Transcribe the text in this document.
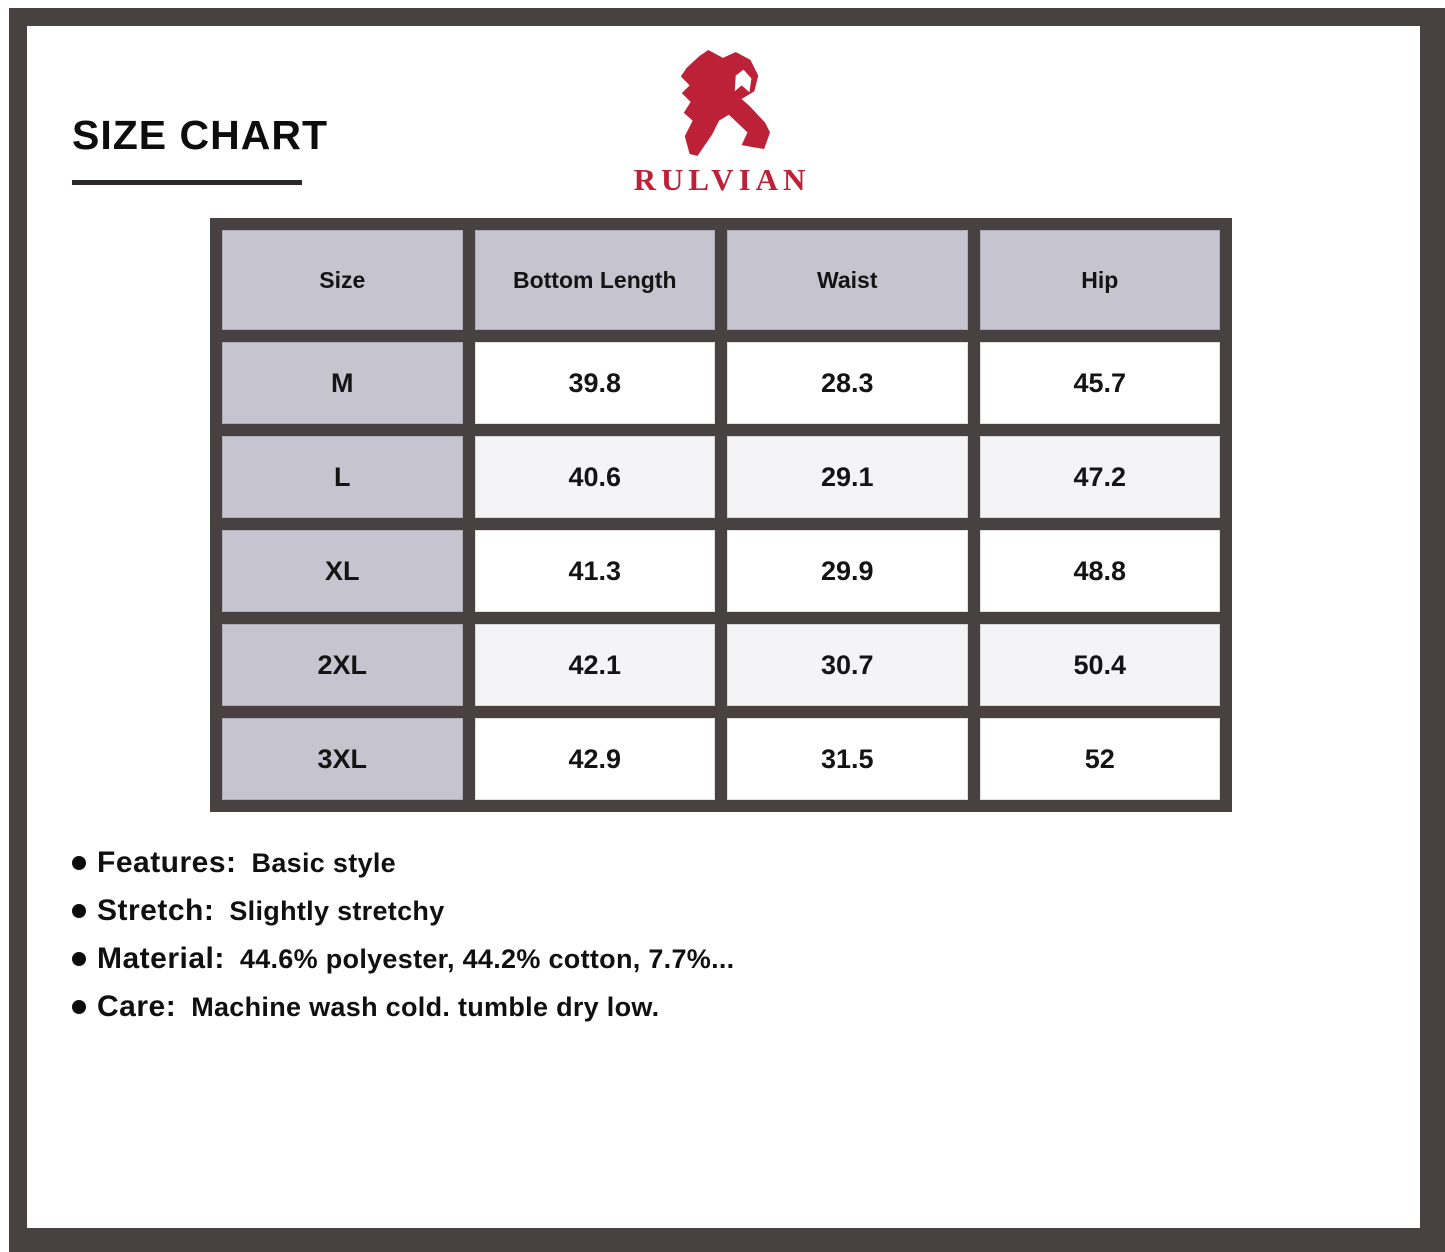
SIZE CHART
RULVIAN
Size	Bottom Length	Waist	Hip
M	39.8	28.3	45.7
L	40.6	29.1	47.2
XL	41.3	29.9	48.8
2XL	42.1	30.7	50.4
3XL	42.9	31.5	52
Features: Basic style
Stretch: Slightly stretchy
Material: 44.6% polyester, 44.2% cotton, 7.7%...
Care: Machine wash cold. tumble dry low.
